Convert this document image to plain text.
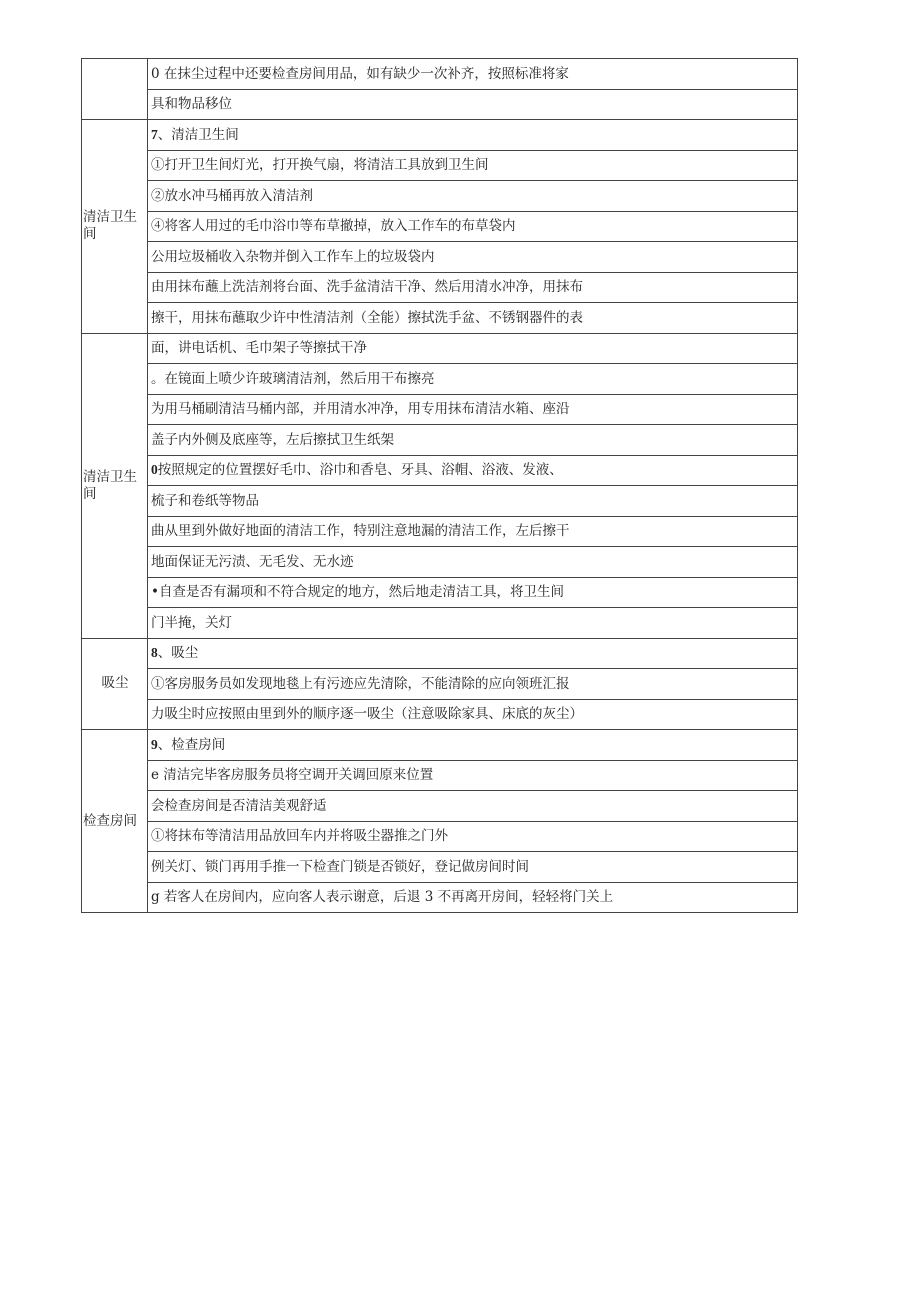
	0 在抹尘过程中还要检查房间用品，如有缺少一次补齐，按照标准将家
	具和物品移位
清洁卫生间	7、清洁卫生间
	①打开卫生间灯光，打开换气扇，将清洁工具放到卫生间
	②放水冲马桶再放入清洁剂
	④将客人用过的毛巾浴巾等布草撤掉，放入工作车的布草袋内
	公用垃圾桶收入杂物并倒入工作车上的垃圾袋内
	由用抹布蘸上洗洁剂将台面、洗手盆清洁干净、然后用清水冲净，用抹布
	擦干，用抹布蘸取少许中性清洁剂（全能）擦拭洗手盆、不锈钢器件的表
清洁卫生间	面，讲电话机、毛巾架子等擦拭干净
	。在镜面上喷少许玻璃清洁剂，然后用干布擦亮
	为用马桶刷清洁马桶内部，并用清水冲净，用专用抹布清洁水箱、座沿
	盖子内外侧及底座等，左后擦拭卫生纸架
	0按照规定的位置摆好毛巾、浴巾和香皂、牙具、浴帽、浴液、发液、
	梳子和卷纸等物品
	曲从里到外做好地面的清洁工作，特别注意地漏的清洁工作，左后擦干
	地面保证无污渍、无毛发、无水迹
	•自查是否有漏项和不符合规定的地方，然后地走清洁工具，将卫生间
	门半掩，关灯
吸尘	8、吸尘
	①客房服务员如发现地毯上有污迹应先清除，不能清除的应向领班汇报
	力吸尘时应按照由里到外的顺序逐一吸尘（注意吸除家具、床底的灰尘）
检查房间	9、检查房间
	e 清洁完毕客房服务员将空调开关调回原来位置
	会检查房间是否清洁美观舒适
	①将抹布等清洁用品放回车内并将吸尘器推之门外
	例关灯、锁门再用手推一下检查门锁是否锁好，登记做房间时间
	g 若客人在房间内，应向客人表示谢意，后退 3 不再离开房间，轻轻将门关上
